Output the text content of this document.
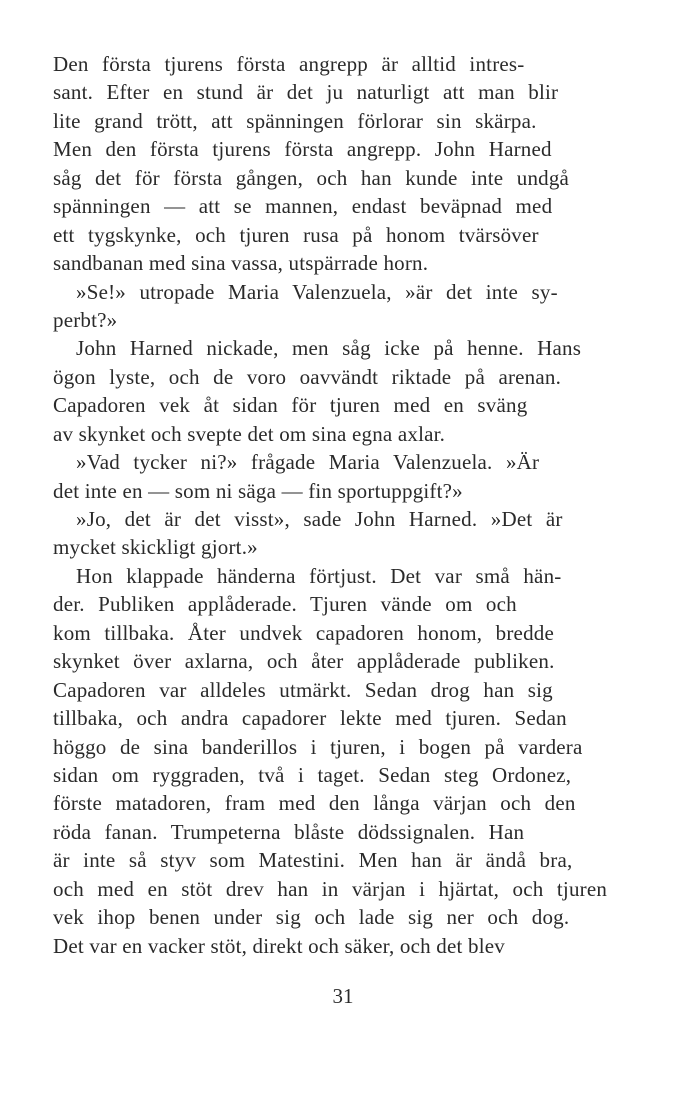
Den första tjurens första angrepp är alltid intres-
sant. Efter en stund är det ju naturligt att man blir
lite grand trött, att spänningen förlorar sin skärpa.
Men den första tjurens första angrepp. John Harned
såg det för första gången, och han kunde inte undgå
spänningen — att se mannen, endast beväpnad med
ett tygskynke, och tjuren rusa på honom tvärsöver
sandbanan med sina vassa, utspärrade horn.
»Se!» utropade Maria Valenzuela, »är det inte sy-
perbt?»
John Harned nickade, men såg icke på henne. Hans
ögon lyste, och de voro oavvändt riktade på arenan.
Capadoren vek åt sidan för tjuren med en sväng
av skynket och svepte det om sina egna axlar.
»Vad tycker ni?» frågade Maria Valenzuela. »Är
det inte en — som ni säga — fin sportuppgift?»
»Jo, det är det visst», sade John Harned. »Det är
mycket skickligt gjort.»
Hon klappade händerna förtjust. Det var små hän-
der. Publiken applåderade. Tjuren vände om och
kom tillbaka. Åter undvek capadoren honom, bredde
skynket över axlarna, och åter applåderade publiken.
Capadoren var alldeles utmärkt. Sedan drog han sig
tillbaka, och andra capadorer lekte med tjuren. Sedan
höggo de sina banderillos i tjuren, i bogen på vardera
sidan om ryggraden, två i taget. Sedan steg Ordonez,
förste matadoren, fram med den långa värjan och den
röda fanan. Trumpeterna blåste dödssignalen. Han
är inte så styv som Matestini. Men han är ändå bra,
och med en stöt drev han in värjan i hjärtat, och tjuren
vek ihop benen under sig och lade sig ner och dog.
Det var en vacker stöt, direkt och säker, och det blev
31
